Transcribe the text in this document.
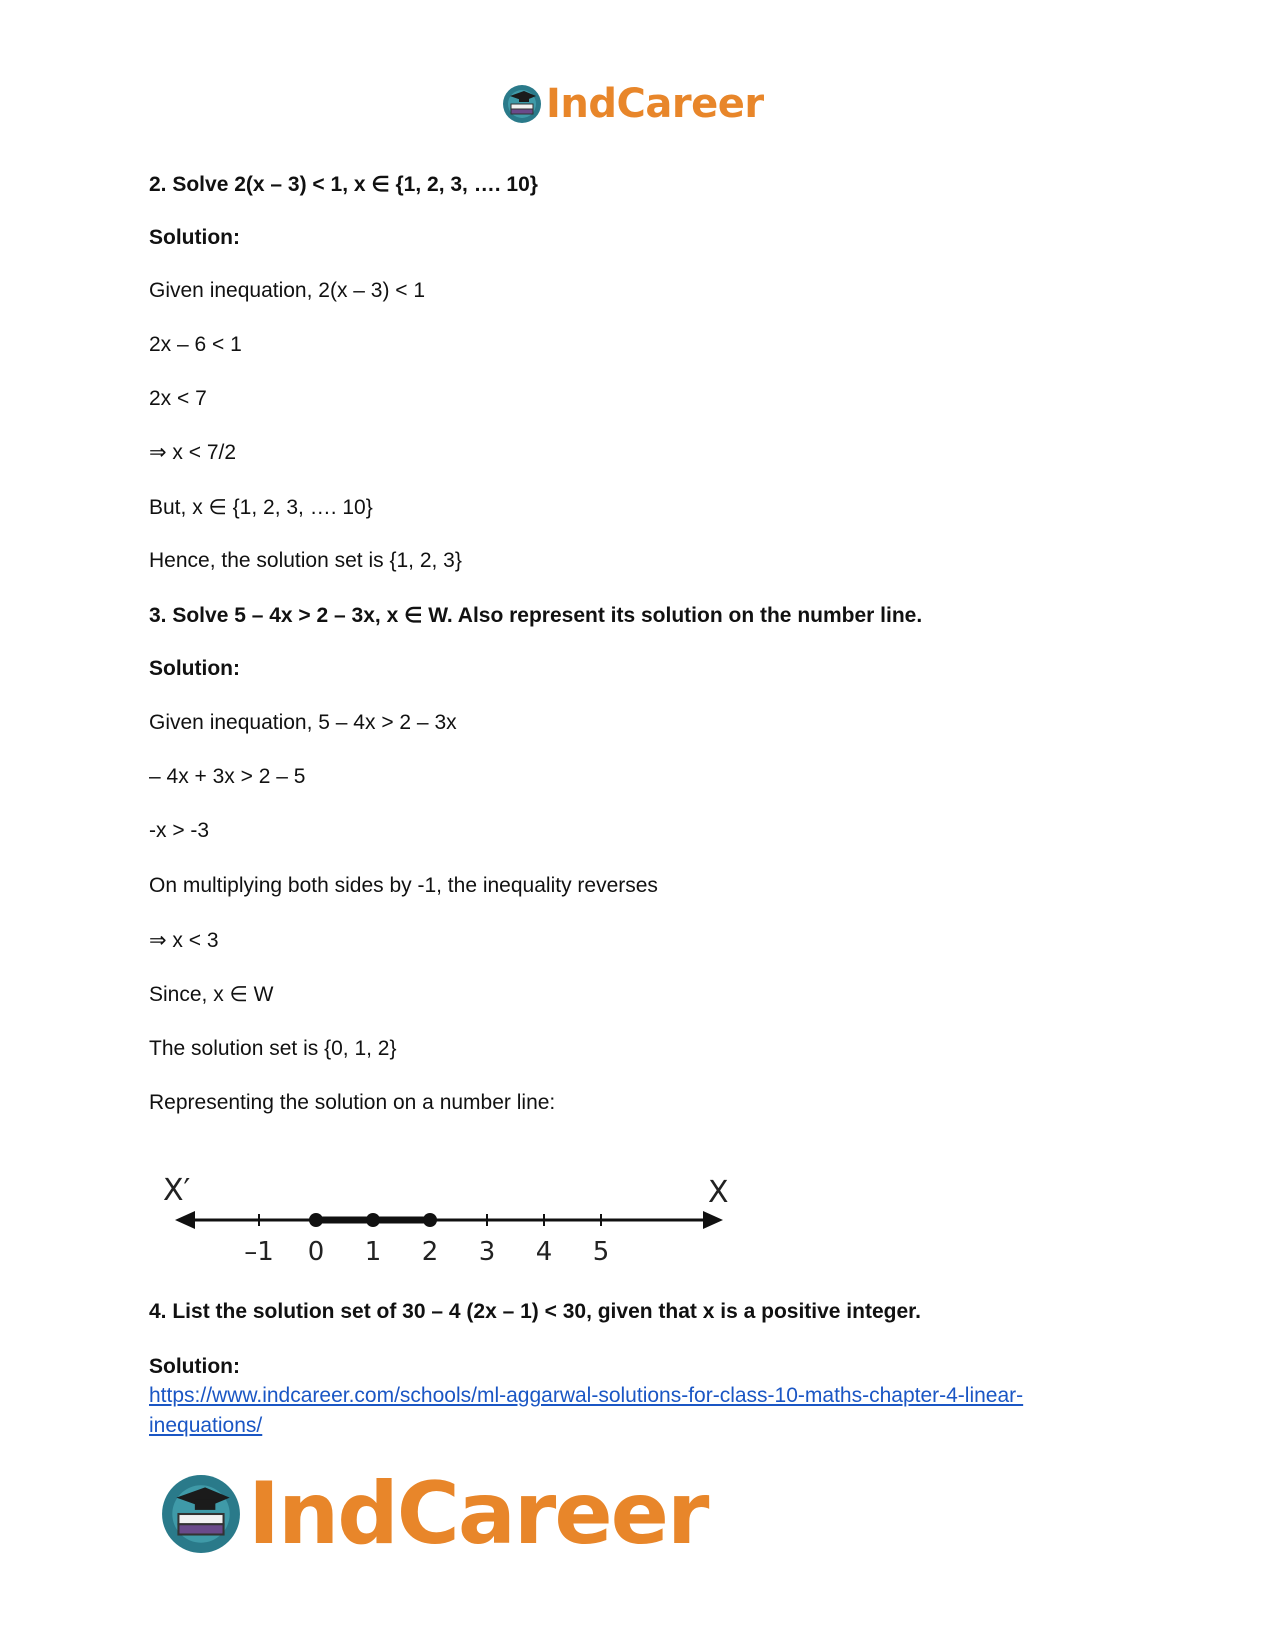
IndCareer
2. Solve 2(x – 3) < 1, x ∈ {1, 2, 3, …. 10}
Solution:
Given inequation, 2(x – 3) < 1
2x – 6 < 1
2x < 7
⇒ x < 7/2
But, x ∈ {1, 2, 3, …. 10}
Hence, the solution set is {1, 2, 3}
3. Solve 5 – 4x > 2 – 3x, x ∈ W. Also represent its solution on the number line.
Solution:
Given inequation, 5 – 4x > 2 – 3x
– 4x + 3x > 2 – 5
-x > -3
On multiplying both sides by -1, the inequality reverses
⇒ x < 3
Since, x ∈ W
The solution set is {0, 1, 2}
Representing the solution on a number line:
X′	X
–1 0 1 2 3 4 5
4. List the solution set of 30 – 4 (2x – 1) < 30, given that x is a positive integer.
Solution:
https://www.indcareer.com/schools/ml-aggarwal-solutions-for-class-10-maths-chapter-4-linear-inequations/
IndCareer
